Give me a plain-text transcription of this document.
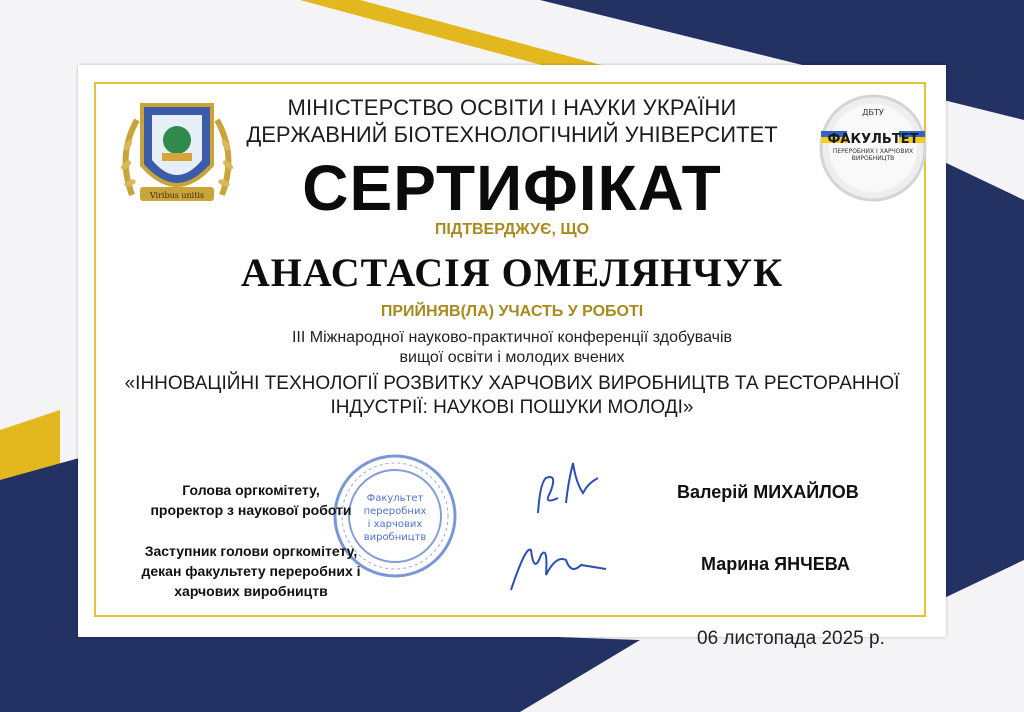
Viribus unitis
ДБТУ
ФАКУЛЬТЕТ
ПЕРЕРОБНИХ І ХАРЧОВИХ
ВИРОБНИЦТВ
МІНІСТЕРСТВО ОСВІТИ І НАУКИ УКРАЇНИ
ДЕРЖАВНИЙ БІОТЕХНОЛОГІЧНИЙ УНІВЕРСИТЕТ
СЕРТИФІКАТ
ПІДТВЕРДЖУЄ, ЩО
АНАСТАСІЯ ОМЕЛЯНЧУК
ПРИЙНЯВ(ЛА) УЧАСТЬ У РОБОТІ
ІІІ Міжнародної науково-практичної конференції здобувачів
вищої освіти і молодих вчених
«ІННОВАЦІЙНІ ТЕХНОЛОГІЇ РОЗВИТКУ ХАРЧОВИХ ВИРОБНИЦТВ ТА РЕСТОРАННОЇ
ІНДУСТРІЇ: НАУКОВІ ПОШУКИ МОЛОДІ»
Факультет
переробних
і харчових
виробництв
Голова оргкомітету,
проректор з наукової роботи
Заступник голови оргкомітету,
декан факультету переробних і
харчових виробництв
Валерій МИХАЙЛОВ
Марина ЯНЧЕВА
06 листопада 2025 р.
